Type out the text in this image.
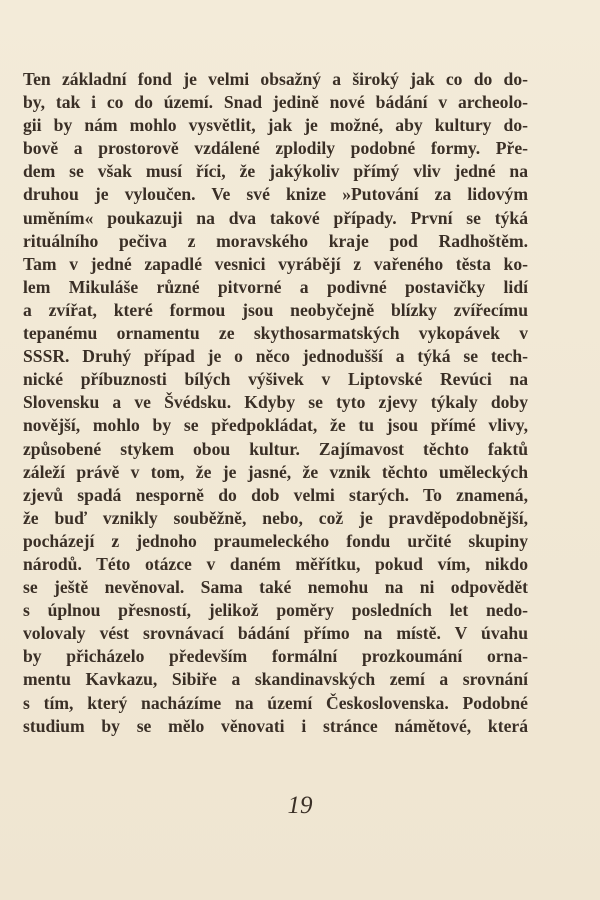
Ten základní fond je velmi obsažný a široký jak co do do-
by, tak i co do území. Snad jedině nové bádání v archeolo-
gii by nám mohlo vysvětlit, jak je možné, aby kultury do-
bově a prostorově vzdálené zplodily podobné formy. Pře-
dem se však musí říci, že jakýkoliv přímý vliv jedné na
druhou je vyloučen. Ve své knize »Putování za lidovým
uměním« poukazuji na dva takové případy. První se týká
rituálního pečiva z moravského kraje pod Radhoštěm.
Tam v jedné zapadlé vesnici vyrábějí z vařeného těsta ko-
lem Mikuláše různé pitvorné a podivné postavičky lidí
a zvířat, které formou jsou neobyčejně blízky zvířecímu
tepanému ornamentu ze skythosarmatských vykopávek v
SSSR. Druhý případ je o něco jednodušší a týká se tech-
nické příbuznosti bílých výšivek v Liptovské Revúci na
Slovensku a ve Švédsku. Kdyby se tyto zjevy týkaly doby
novější, mohlo by se předpokládat, že tu jsou přímé vlivy,
způsobené stykem obou kultur. Zajímavost těchto faktů
záleží právě v tom, že je jasné, že vznik těchto uměleckých
zjevů spadá nesporně do dob velmi starých. To znamená,
že buď vznikly souběžně, nebo, což je pravděpodobnější,
pocházejí z jednoho praumeleckého fondu určité skupiny
národů. Této otázce v daném měřítku, pokud vím, nikdo
se ještě nevěnoval. Sama také nemohu na ni odpovědět
s úplnou přesností, jelikož poměry posledních let nedo-
volovaly vést srovnávací bádání přímo na místě. V úvahu
by přicházelo především formální prozkoumání orna-
mentu Kavkazu, Sibiře a skandinavských zemí a srovnání
s tím, který nacházíme na území Československa. Podobné
studium by se mělo věnovati i stránce námětové, která
19
